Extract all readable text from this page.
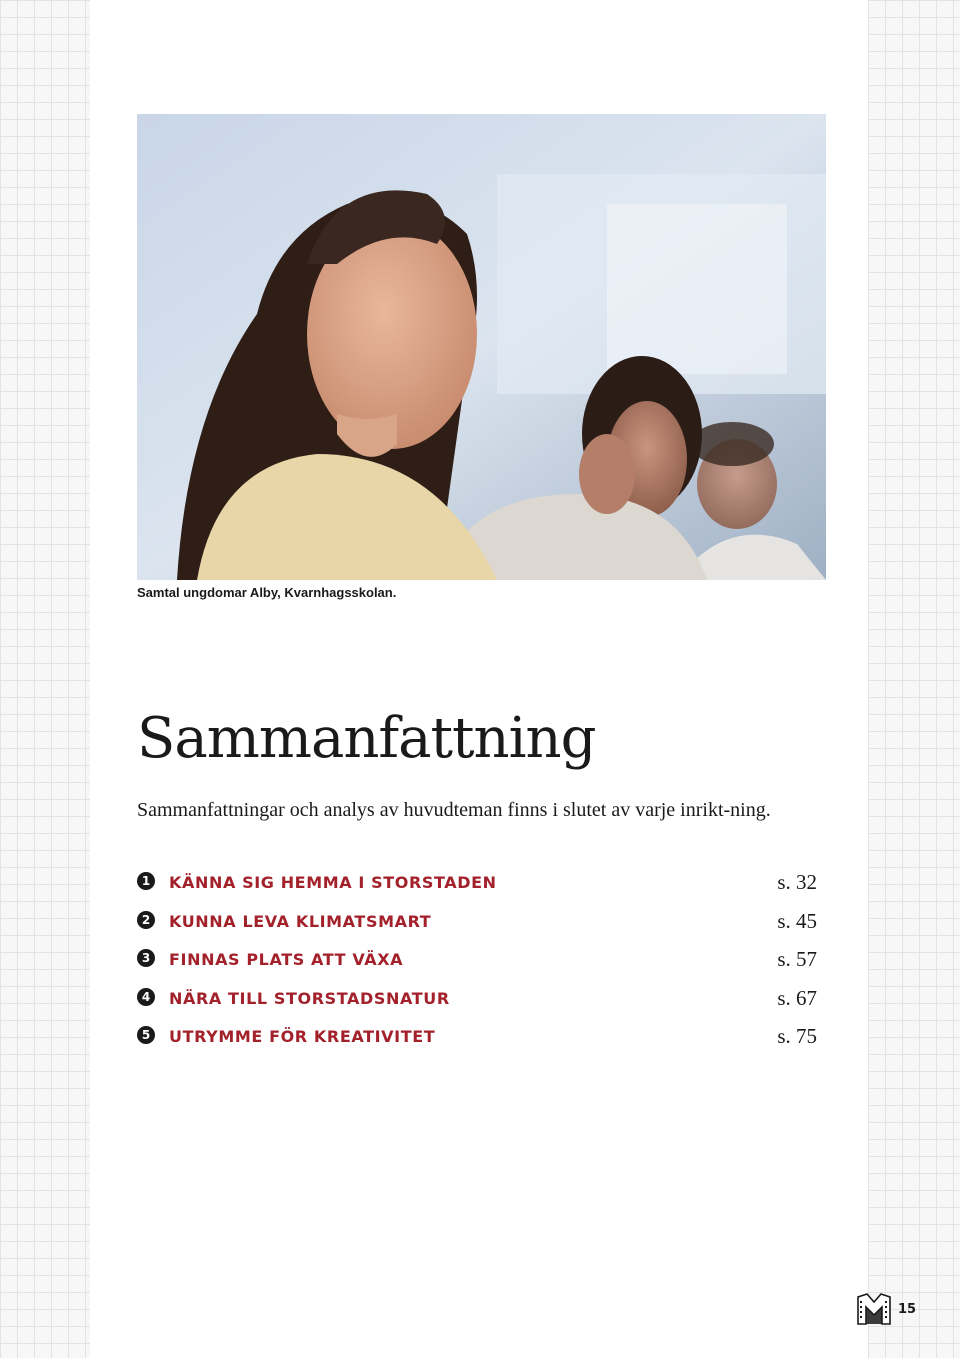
Samtal ungdomar Alby, Kvarnhagsskolan.
Sammanfattning

Sammanfattningar och analys av huvudteman finns i slutet av varje inrikt-ning.

1	KÄNNA SIG HEMMA I STORSTADEN	s. 32
2	KUNNA LEVA KLIMATSMART	s. 45
3	FINNAS PLATS ATT VÄXA	s. 57
4	NÄRA TILL STORSTADSNATUR	s. 67
5	UTRYMME FÖR KREATIVITET	s. 75
15
